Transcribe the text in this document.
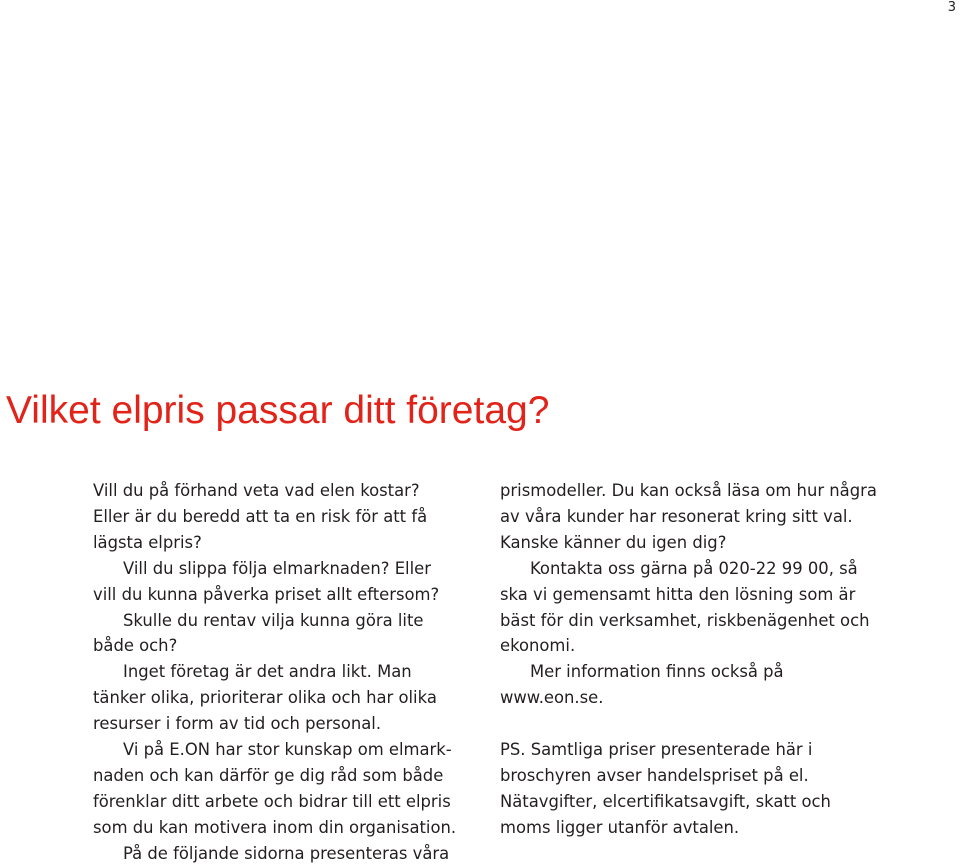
3
Vilket elpris passar ditt företag?

Vill du på förhand veta vad elen kostar?

Eller är du beredd att ta en risk för att få

lägsta elpris?

Vill du slippa följa elmarknaden? Eller

vill du kunna påverka priset allt eftersom?

Skulle du rentav vilja kunna göra lite

både och?

Inget företag är det andra likt. Man

tänker olika, prioriterar olika och har olika

resurser i form av tid och personal.

Vi på E.ON har stor kunskap om elmark-

naden och kan därför ge dig råd som både

förenklar ditt arbete och bidrar till ett elpris

som du kan motivera inom din organisation.

På de följande sidorna presenteras våra

prismodeller. Du kan också läsa om hur några

av våra kunder har resonerat kring sitt val.

Kanske känner du igen dig?

Kontakta oss gärna på 020-22 99 00, så

ska vi gemensamt hitta den lösning som är

bäst för din verksamhet, riskbenägenhet och

ekonomi.

Mer information finns också på

www.eon.se.

PS. Samtliga priser presenterade här i

broschyren avser handelspriset på el.

Nätavgifter, elcertifikatsavgift, skatt och

moms ligger utanför avtalen.
